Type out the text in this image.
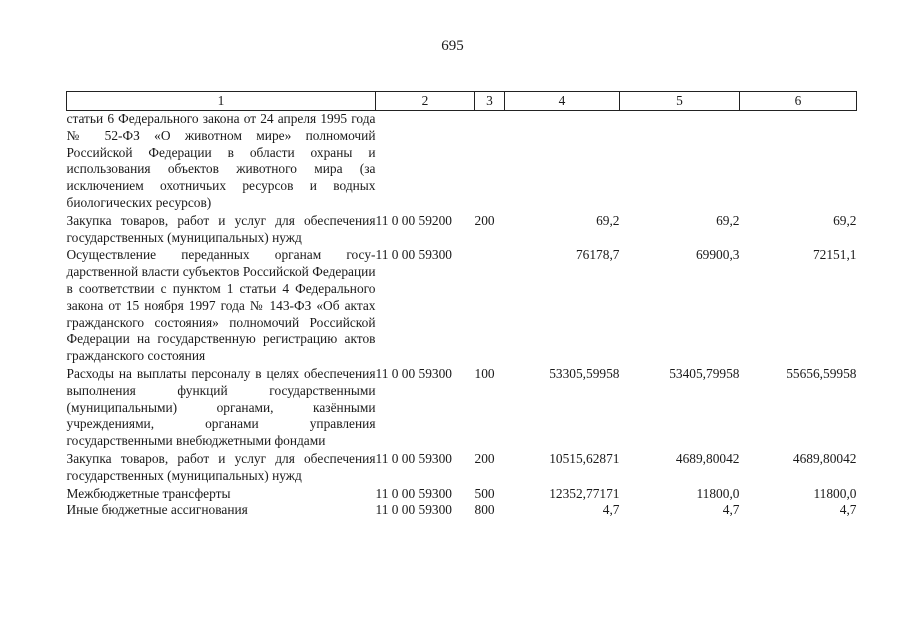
695
1	2	3	4	5	6
статьи 6 Федерального закона от 24 апреля 1995 года № 52-ФЗ «О животном мире» полномочий Российской Федерации в области охраны и использования объектов животного мира (за исключением охотничьих ресурсов и водных биологических ресурсов)					
Закупка товаров, работ и услуг для обеспечения государственных (муниципальных) нужд	11 0 00 59200	200	69,2	69,2	69,2
Осуществление переданных органам государственной власти субъектов Российской Федерации в соответствии с пунктом 1 статьи 4 Федерального закона от 15 ноября 1997 года № 143-ФЗ «Об актах гражданского состояния» полномочий Российской Федерации на государственную регистрацию актов гражданского состояния	11 0 00 59300		76178,7	69900,3	72151,1
Расходы на выплаты персоналу в целях обеспечения выполнения функций государственными (муниципальными) органами, казёнными учреждениями, органами управления государственными внебюджетными фондами	11 0 00 59300	100	53305,59958	53405,79958	55656,59958
Закупка товаров, работ и услуг для обеспечения государственных (муниципальных) нужд	11 0 00 59300	200	10515,62871	4689,80042	4689,80042
Межбюджетные трансферты	11 0 00 59300	500	12352,77171	11800,0	11800,0
Иные бюджетные ассигнования	11 0 00 59300	800	4,7	4,7	4,7
